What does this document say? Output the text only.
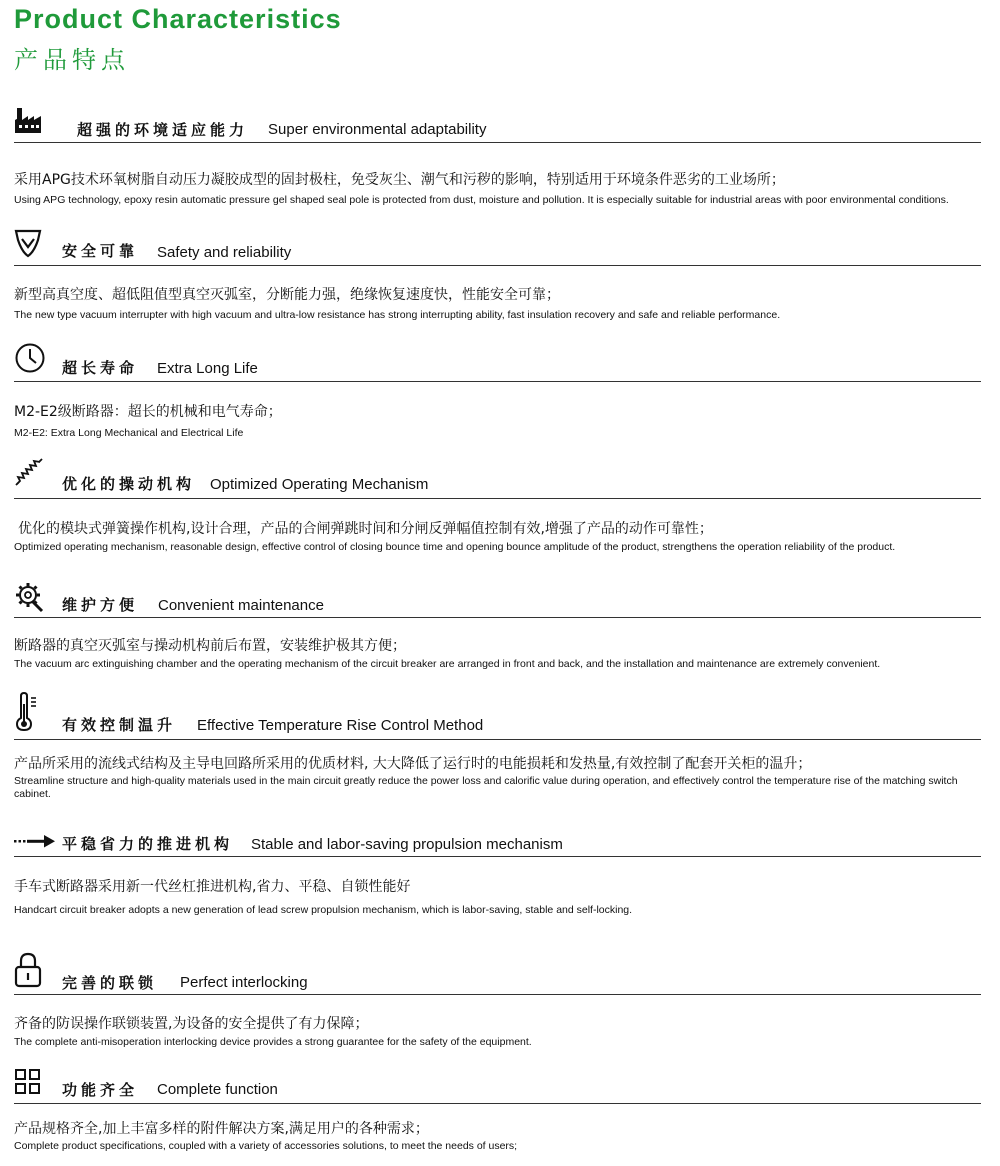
Product Characteristics
产品特点
超强的环境适应能力 Super environmental adaptability
采用APG技术环氧树脂自动压力凝胶成型的固封极柱，免受灰尘、潮气和污秽的影响，特别适用于环境条件恶劣的工业场所；
Using APG technology, epoxy resin automatic pressure gel shaped seal pole is protected from dust, moisture and pollution. It is especially suitable for industrial areas with poor environmental conditions.
安全可靠 Safety and reliability
新型高真空度、超低阻值型真空灭弧室，分断能力强，绝缘恢复速度快，性能安全可靠；
The new type vacuum interrupter with high vacuum and ultra-low resistance has strong interrupting ability, fast insulation recovery and safe and reliable performance.
超长寿命 Extra Long Life
M2-E2级断路器：超长的机械和电气寿命；
M2-E2: Extra Long Mechanical and Electrical Life
优化的操动机构 Optimized Operating Mechanism
优化的模块式弹簧操作机构,设计合理，产品的合闸弹跳时间和分闸反弹幅值控制有效,增强了产品的动作可靠性；
Optimized operating mechanism, reasonable design, effective control of closing bounce time and opening bounce amplitude of the product, strengthens the operation reliability of the product.
维护方便 Convenient maintenance
断路器的真空灭弧室与操动机构前后布置，安装维护极其方便；
The vacuum arc extinguishing chamber and the operating mechanism of the circuit breaker are arranged in front and back, and the installation and maintenance are extremely convenient.
有效控制温升 Effective Temperature Rise Control Method
产品所采用的流线式结构及主导电回路所采用的优质材料, 大大降低了运行时的电能损耗和发热量,有效控制了配套开关柜的温升；
Streamline structure and high-quality materials used in the main circuit greatly reduce the power loss and calorific value during operation, and effectively control the temperature rise of the matching switch cabinet.
平稳省力的推进机构 Stable and labor-saving propulsion mechanism
手车式断路器采用新一代丝杠推进机构,省力、平稳、自锁性能好
Handcart circuit breaker adopts a new generation of lead screw propulsion mechanism, which is labor-saving, stable and self-locking.
完善的联锁 Perfect interlocking
齐备的防误操作联锁装置,为设备的安全提供了有力保障；
The complete anti-misoperation interlocking device provides a strong guarantee for the safety of the equipment.
功能齐全 Complete function
产品规格齐全,加上丰富多样的附件解决方案,满足用户的各种需求；
Complete product specifications, coupled with a variety of accessories solutions, to meet the needs of users;
